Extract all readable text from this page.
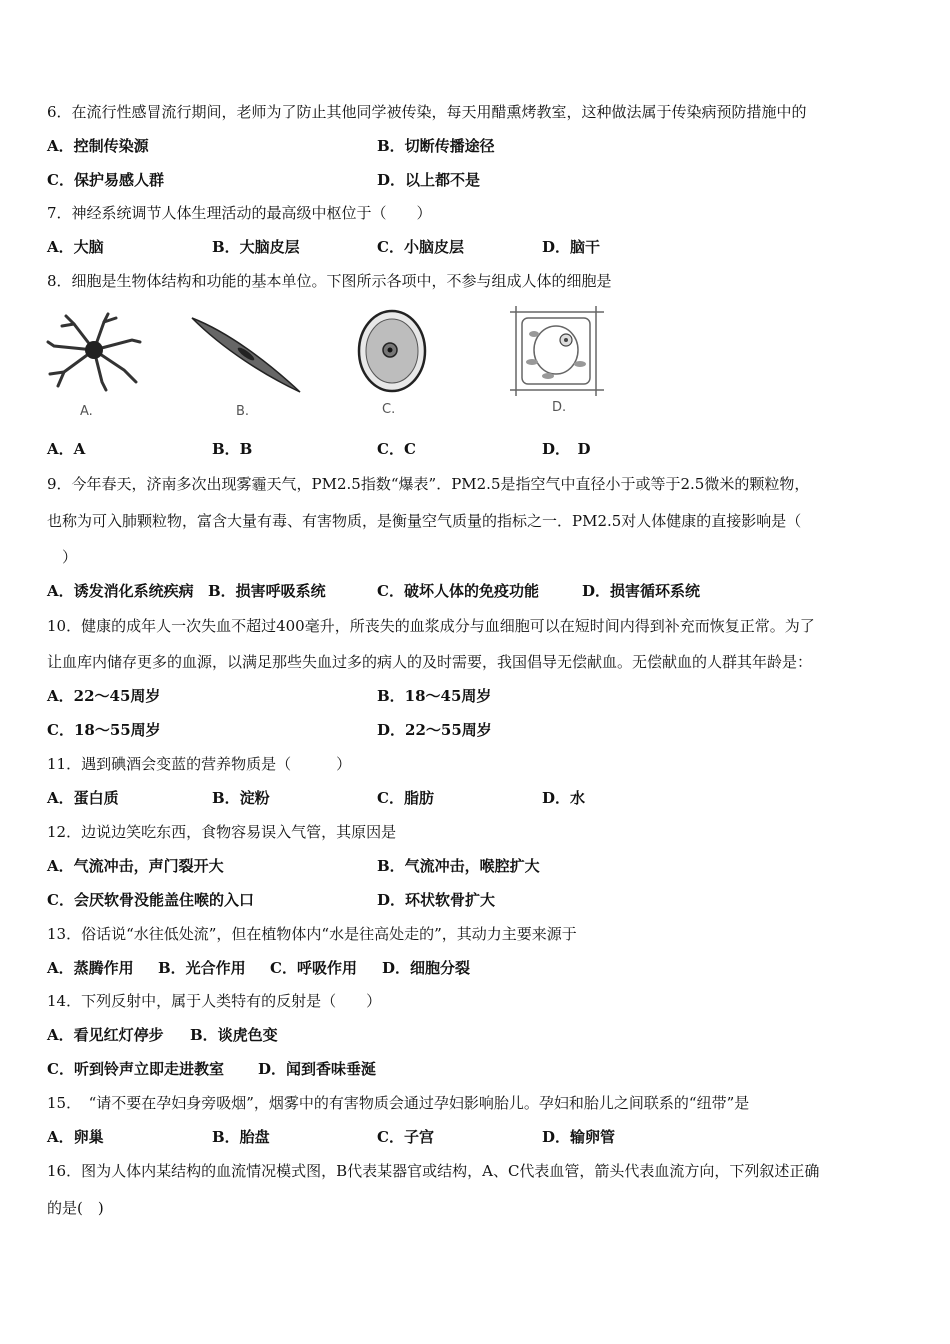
6．在流行性感冒流行期间，老师为了防止其他同学被传染，每天用醋熏烤教室，这种做法属于传染病预防措施中的
A．控制传染源	B．切断传播途径
C．保护易感人群	D．以上都不是
7．神经系统调节人体生理活动的最高级中枢位于（　　）
A．大脑	B．大脑皮层	C．小脑皮层	D．脑干
8．细胞是生物体结构和功能的基本单位。下图所示各项中，不参与组成人体的细胞是
A.	B.	C.	D.
A．A	B．B	C．C	D．　D
9．今年春天，济南多次出现雾霾天气，PM2.5指数“爆表”．PM2.5是指空气中直径小于或等于2.5微米的颗粒物，
也称为可入肺颗粒物，富含大量有毒、有害物质，是衡量空气质量的指标之一．PM2.5对人体健康的直接影响是（
　）
A．诱发消化系统疾病 B．损害呼吸系统	C．破坏人体的免疫功能	D．损害循环系统
10．健康的成年人一次失血不超过400毫升，所丧失的血浆成分与血细胞可以在短时间内得到补充而恢复正常。为了
让血库内储存更多的血源，以满足那些失血过多的病人的及时需要，我国倡导无偿献血。无偿献血的人群其年龄是：
A．22～45周岁	B．18～45周岁
C．18～55周岁	D．22～55周岁
11．遇到碘酒会变蓝的营养物质是（　　　）
A．蛋白质	B．淀粉	C．脂肪	D．水
12．边说边笑吃东西，食物容易误入气管，其原因是
A．气流冲击，声门裂开大	B．气流冲击，喉腔扩大
C．会厌软骨没能盖住喉的入口	D．环状软骨扩大
13．俗话说“水往低处流”，但在植物体内“水是往高处走的”，其动力主要来源于
A．蒸腾作用 B．光合作用 C．呼吸作用 D．细胞分裂
14．下列反射中，属于人类特有的反射是（　　）
A．看见红灯停步 B．谈虎色变
C．听到铃声立即走进教室 D．闻到香味垂涎
15．　“请不要在孕妇身旁吸烟”，烟雾中的有害物质会通过孕妇影响胎儿。孕妇和胎儿之间联系的“纽带”是
A．卵巢	B．胎盘	C．子宫	D．输卵管
16．图为人体内某结构的血流情况模式图，B代表某器官或结构，A、C代表血管，箭头代表血流方向，下列叙述正确
的是(　)
